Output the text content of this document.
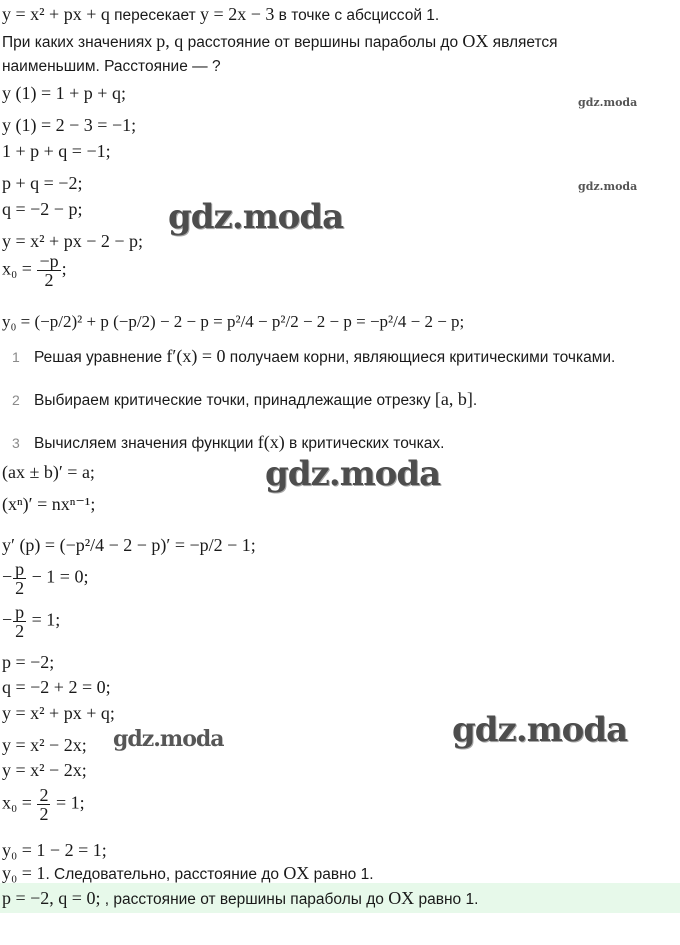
y = x² + px + q пересекает y = 2x − 3 в точке с абсциссой 1.
При каких значениях p, q расстояние от вершины параболы до OX является
наименьшим. Расстояние — ?
y (1) = 1 + p + q;
y (1) = 2 − 3 = −1;
1 + p + q = −1;
p + q = −2;
q = −2 − p;
y = x² + px − 2 − p;
$x_0 = \frac{-p}{2}$ ;
y₀ = (−p/2)² + p (−p/2) − 2 − p = p²/4 − p²/2 − 2 − p = −p²/4 − 2 − p;
1 Решая уравнение f′(x) = 0 получаем корни, являющиеся критическими точками.
2 Выбираем критические точки, принадлежащие отрезку [a, b].
3 Вычисляем значения функции f(x) в критических точках.
(ax ± b)′ = a;
(xⁿ)′ = nxⁿ⁻¹;
y′ (p) = (−p²/4 − 2 − p)′ = −p/2 − 1;
− $\frac{p}{2} - 1 = 0$;
− $\frac{p}{2} = 1$;
p = −2;
q = −2 + 2 = 0;
y = x² + px + q;
y = x² − 2x;
y = x² − 2x;
$x_0 = \frac{2}{2} = 1$;
y₀ = 1 − 2 = 1;
y₀ = 1. Следовательно, расстояние до OX равно 1.
p = −2, q = 0; , расстояние от вершины параболы до OX равно 1.
gdz.moda
gdz.moda
gdz.moda
gdz.moda
gdz.moda	gdz.moda
